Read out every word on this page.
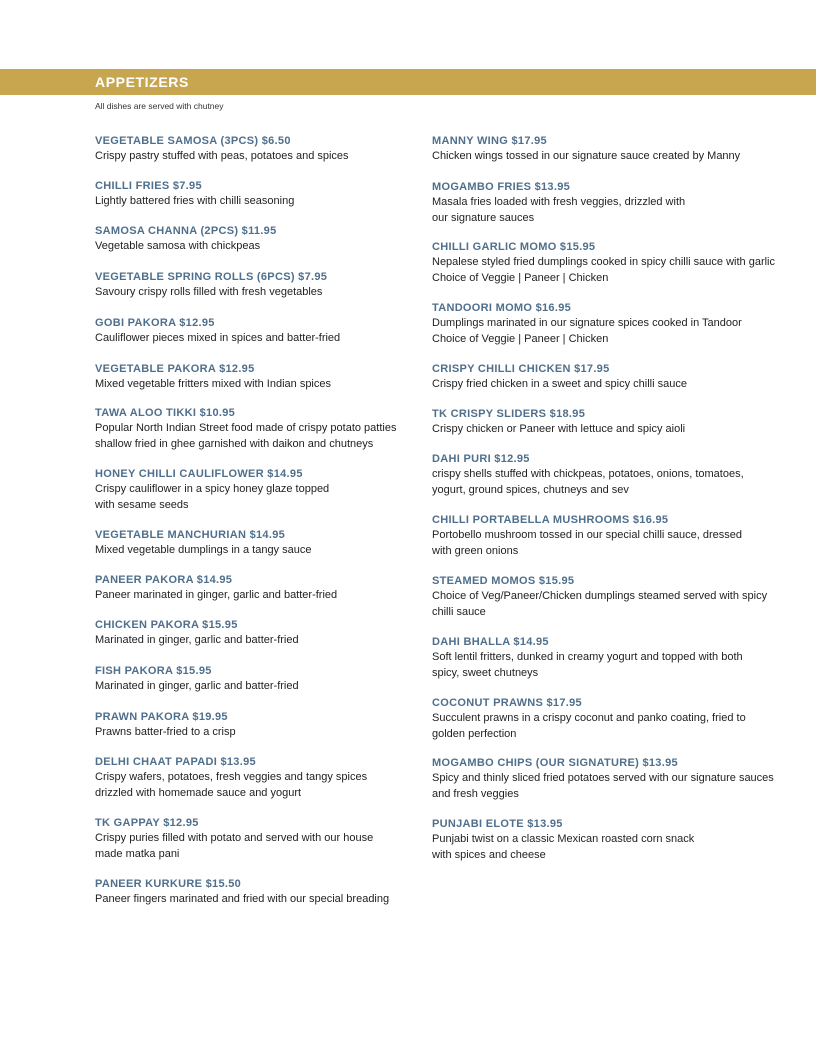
APPETIZERS
All dishes are served with chutney
VEGETABLE SAMOSA (3PCS) $6.50
Crispy pastry stuffed with peas, potatoes and spices
CHILLI FRIES $7.95
Lightly battered fries with chilli seasoning
SAMOSA CHANNA (2PCS) $11.95
Vegetable samosa with chickpeas
VEGETABLE SPRING ROLLS (6PCS) $7.95
Savoury crispy rolls filled with fresh vegetables
GOBI PAKORA $12.95
Cauliflower pieces mixed in spices and batter-fried
VEGETABLE PAKORA $12.95
Mixed vegetable fritters mixed with Indian spices
TAWA ALOO TIKKI $10.95
Popular North Indian Street food made of crispy potato patties
shallow fried in ghee garnished with daikon and chutneys
HONEY CHILLI CAULIFLOWER $14.95
Crispy cauliflower in a spicy honey glaze topped
with sesame seeds
VEGETABLE MANCHURIAN $14.95
Mixed vegetable dumplings in a tangy sauce
PANEER PAKORA $14.95
Paneer marinated in ginger, garlic and batter-fried
CHICKEN PAKORA $15.95
Marinated in ginger, garlic and batter-fried
FISH PAKORA $15.95
Marinated in ginger, garlic and batter-fried
PRAWN PAKORA $19.95
Prawns batter-fried to a crisp
DELHI CHAAT PAPADI $13.95
Crispy wafers, potatoes, fresh veggies and tangy spices
drizzled with homemade sauce and yogurt
TK GAPPAY $12.95
Crispy puries filled with potato and served with our house
made matka pani
PANEER KURKURE $15.50
Paneer fingers marinated and fried with our special breading
MANNY WING $17.95
Chicken wings tossed in our signature sauce created by Manny
MOGAMBO FRIES $13.95
Masala fries loaded with fresh veggies, drizzled with
our signature sauces
CHILLI GARLIC MOMO $15.95
Nepalese styled fried dumplings cooked in spicy chilli sauce with garlic
Choice of Veggie | Paneer | Chicken
TANDOORI MOMO $16.95
Dumplings marinated in our signature spices cooked in Tandoor
Choice of Veggie | Paneer | Chicken
CRISPY CHILLI CHICKEN $17.95
Crispy fried chicken in a sweet and spicy chilli sauce
TK CRISPY SLIDERS $18.95
Crispy chicken or Paneer with lettuce and spicy aioli
DAHI PURI $12.95
crispy shells stuffed with chickpeas, potatoes, onions, tomatoes,
yogurt, ground spices, chutneys and sev
CHILLI PORTABELLA MUSHROOMS $16.95
Portobello mushroom tossed in our special chilli sauce, dressed
with green onions
STEAMED MOMOS $15.95
Choice of Veg/Paneer/Chicken dumplings steamed served with spicy
chilli sauce
DAHI BHALLA $14.95
Soft lentil fritters, dunked in creamy yogurt and topped with both
spicy, sweet chutneys
COCONUT PRAWNS $17.95
Succulent prawns in a crispy coconut and panko coating, fried to
golden perfection
MOGAMBO CHIPS (OUR SIGNATURE) $13.95
Spicy and thinly sliced fried potatoes served with our signature sauces
and fresh veggies
PUNJABI ELOTE $13.95
Punjabi twist on a classic Mexican roasted corn snack
with spices and cheese
